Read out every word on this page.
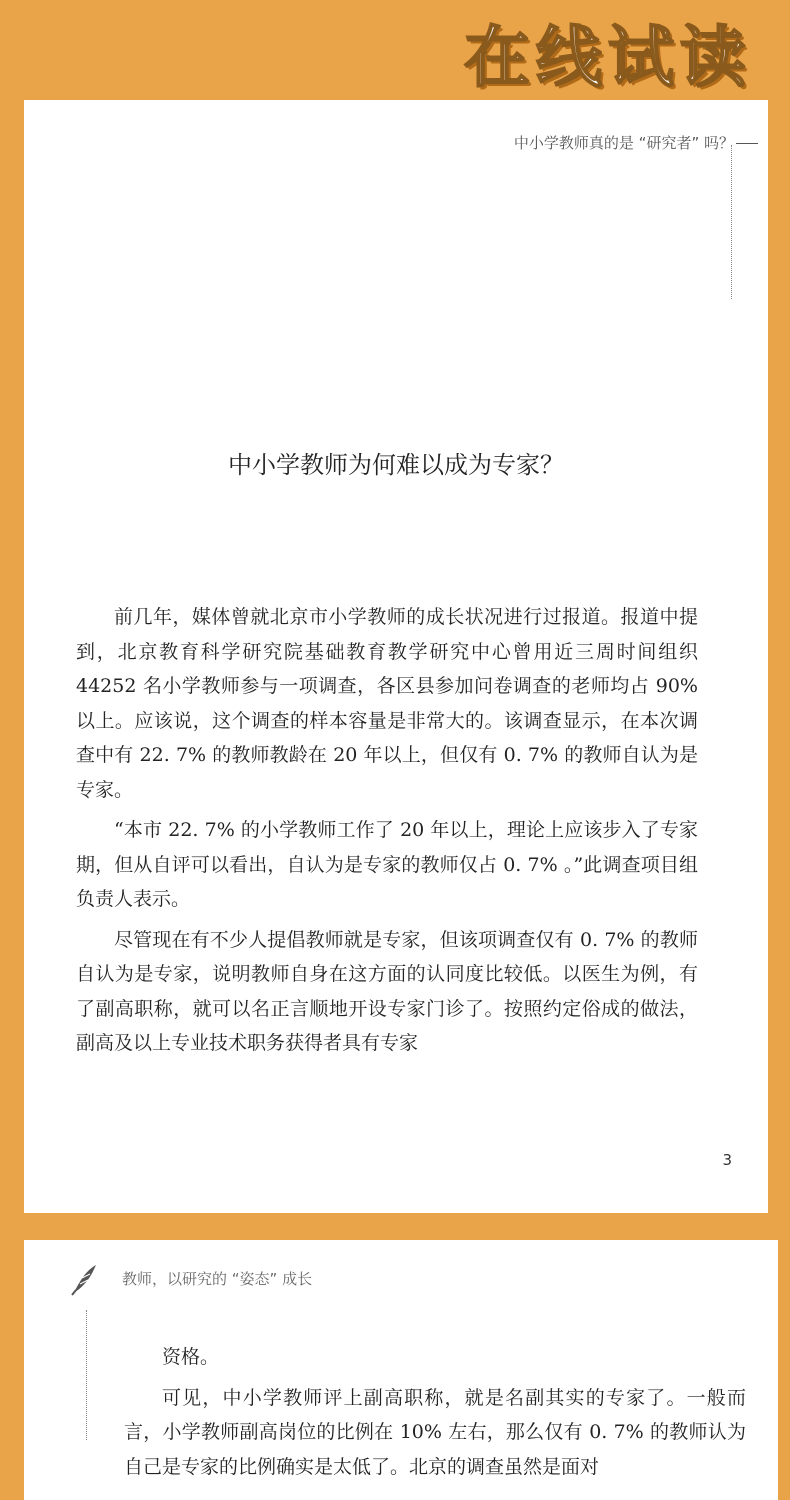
在线试读
中小学教师真的是 “研究者” 吗？

中小学教师为何难以成为专家？

前几年，媒体曾就北京市小学教师的成长状况进行过报道。报道中提到，北京教育科学研究院基础教育教学研究中心曾用近三周时间组织 44252 名小学教师参与一项调查，各区县参加问卷调查的老师均占 90% 以上。应该说，这个调查的样本容量是非常大的。该调查显示，在本次调查中有 22. 7% 的教师教龄在 20 年以上，但仅有 0. 7% 的教师自认为是专家。

“本市 22. 7% 的小学教师工作了 20 年以上，理论上应该步入了专家期，但从自评可以看出，自认为是专家的教师仅占 0. 7% 。”此调查项目组负责人表示。

尽管现在有不少人提倡教师就是专家，但该项调查仅有 0. 7% 的教师自认为是专家，说明教师自身在这方面的认同度比较低。以医生为例，有了副高职称，就可以名正言顺地开设专家门诊了。按照约定俗成的做法，副高及以上专业技术职务获得者具有专家

3
教师，以研究的 “姿态” 成长

资格。

可见，中小学教师评上副高职称，就是名副其实的专家了。一般而言，小学教师副高岗位的比例在 10% 左右，那么仅有 0. 7% 的教师认为自己是专家的比例确实是太低了。北京的调查虽然是面对
